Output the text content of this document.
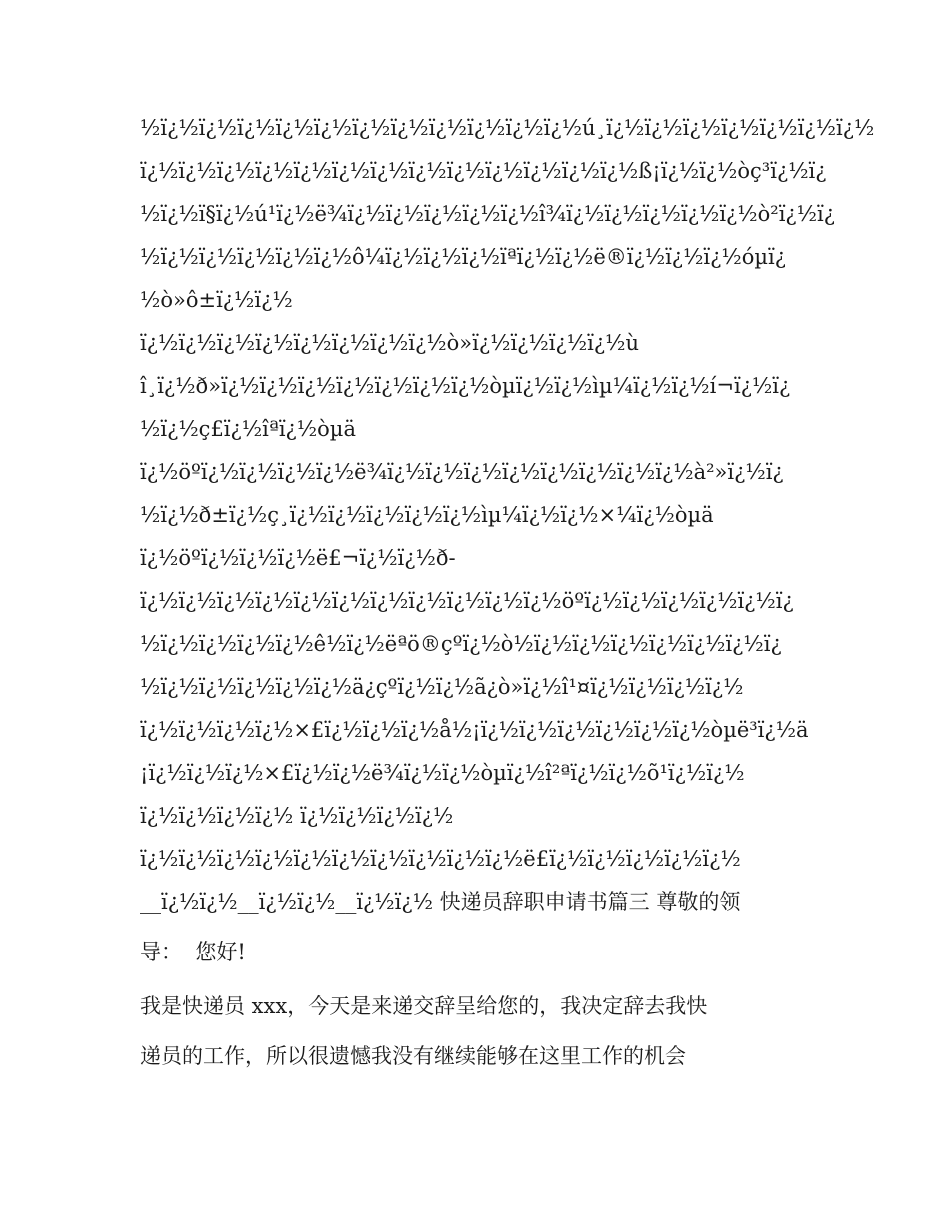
½ï¿½ï¿½ï¿½ï¿½ï¿½ï¿½ï¿½ï¿½ï¿½ï¿½ï¿½ú¸ï¿½ï¿½ï¿½ï¿½ï¿½ï¿½ï¿½
ï¿½ï¿½ï¿½ï¿½ï¿½ï¿½ï¿½ï¿½ï¿½ï¿½ï¿½ï¿½ï¿½ß¡ï¿½ï¿½òç³ï¿½ï¿
½ï¿½ï§ï¿½ú¹ï¿½ë¾ï¿½ï¿½ï¿½ï¿½ï¿½î¾ï¿½ï¿½ï¿½ï¿½ï¿½ò²ï¿½ï¿
½ï¿½ï¿½ï¿½ï¿½ï¿½ô¼ï¿½ï¿½ï¿½ïªï¿½ï¿½ë®ï¿½ï¿½ï¿½óµï¿
½ò»ô±ï¿½ï¿½
ï¿½ï¿½ï¿½ï¿½ï¿½ï¿½ï¿½ï¿½ò»ï¿½ï¿½ï¿½ï¿½ù
î¸ï¿½ð»ï¿½ï¿½ï¿½ï¿½ï¿½ï¿½ï¿½òµï¿½ï¿½ìµ¼ï¿½ï¿½í¬ï¿½ï¿
½ï¿½ç£ï¿½îªï¿½òµä
ï¿½öºï¿½ï¿½ï¿½ï¿½ë¾ï¿½ï¿½ï¿½ï¿½ï¿½ï¿½ï¿½ï¿½à²»ï¿½ï¿
½ï¿½ð±ï¿½ç¸ï¿½ï¿½ï¿½ï¿½ï¿½ìµ¼ï¿½ï¿½×¼ï¿½òµä
ï¿½öºï¿½ï¿½ï¿½ë£¬ï¿½ï¿½ð-
ï¿½ï¿½ï¿½ï¿½ï¿½ï¿½ï¿½ï¿½ï¿½ï¿½ï¿½öºï¿½ï¿½ï¿½ï¿½ï¿½ï¿
½ï¿½ï¿½ï¿½ï¿½ê½ï¿½ëªö®çºï¿½ò½ï¿½ï¿½ï¿½ï¿½ï¿½ï¿½ï¿
½ï¿½ï¿½ï¿½ï¿½ï¿½ä¿çºï¿½ï¿½ã¿ò»ï¿½î¹¤ï¿½ï¿½ï¿½ï¿½
ï¿½ï¿½ï¿½ï¿½×£ï¿½ï¿½ï¿½å½¡ï¿½ï¿½ï¿½ï¿½ï¿½ï¿½òµë³ï¿½ä
¡ï¿½ï¿½ï¿½×£ï¿½ï¿½ë¾ï¿½ï¿½òµï¿½î²ªï¿½ï¿½õ¹ï¿½ï¿½
ï¿½ï¿½ï¿½ï¿½ ï¿½ï¿½ï¿½ï¿½
ï¿½ï¿½ï¿½ï¿½ï¿½ï¿½ï¿½ï¿½ï¿½ï¿½ë£ï¿½ï¿½ï¿½ï¿½ï¿½
__ï¿½ï¿½__ï¿½ï¿½__ï¿½ï¿½ 快递员辞职申请书篇三 尊敬的领
导：  您好!
我是快递员 xxx，今天是来递交辞呈给您的，我决定辞去我快
递员的工作，所以很遗憾我没有继续能够在这里工作的机会
